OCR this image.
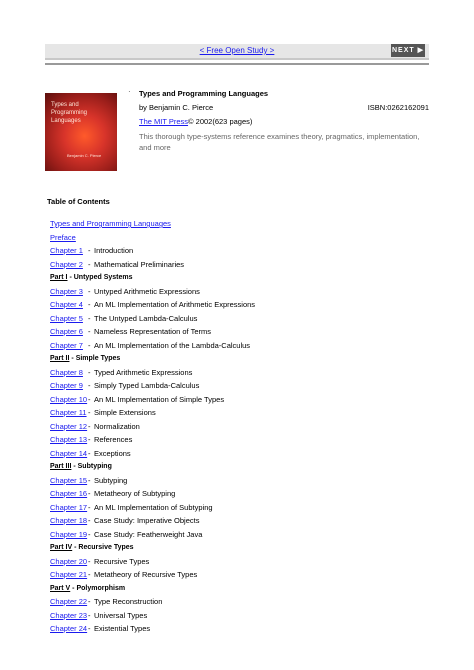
< Free Open Study >	NEXT ▶
Types and Programming Languages
Benjamin C. Pierce
· Types and Programming Languages
by Benjamin C. Pierce	ISBN:0262162091
The MIT Press© 2002(623 pages)
This thorough type-systems reference examines theory, pragmatics, implementation, and more
Table of Contents
Types and Programming Languages
Preface
Chapter 1 - Introduction
Chapter 2 - Mathematical Preliminaries
Part I - Untyped Systems
Chapter 3 - Untyped Arithmetic Expressions
Chapter 4 - An ML Implementation of Arithmetic Expressions
Chapter 5 - The Untyped Lambda-Calculus
Chapter 6 - Nameless Representation of Terms
Chapter 7 - An ML Implementation of the Lambda-Calculus
Part II - Simple Types
Chapter 8 - Typed Arithmetic Expressions
Chapter 9 - Simply Typed Lambda-Calculus
Chapter 10- An ML Implementation of Simple Types
Chapter 11- Simple Extensions
Chapter 12- Normalization
Chapter 13- References
Chapter 14- Exceptions
Part III - Subtyping
Chapter 15- Subtyping
Chapter 16- Metatheory of Subtyping
Chapter 17- An ML Implementation of Subtyping
Chapter 18- Case Study: Imperative Objects
Chapter 19- Case Study: Featherweight Java
Part IV - Recursive Types
Chapter 20- Recursive Types
Chapter 21- Metatheory of Recursive Types
Part V - Polymorphism
Chapter 22- Type Reconstruction
Chapter 23- Universal Types
Chapter 24- Existential Types
